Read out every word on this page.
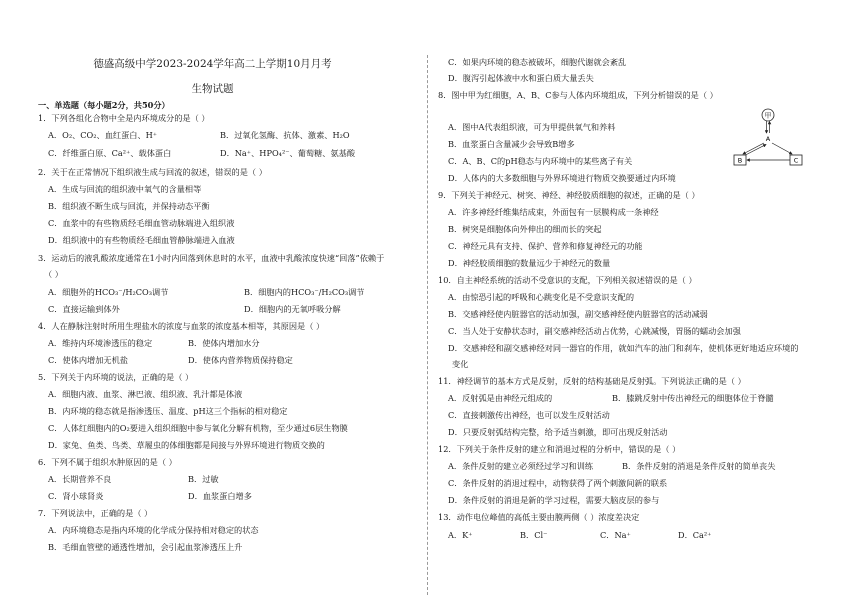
德盛高级中学2023-2024学年高二上学期10月月考
生物试题
一、单选题（每小题2分，共50分）
1．下列各组化合物中全是内环境成分的是（ ）
A．O₂、CO₂、血红蛋白、H⁺	B．过氧化氢酶、抗体、激素、H₂O
C．纤维蛋白原、Ca²⁺、载体蛋白	D．Na⁺、HPO₄²⁻、葡萄糖、氨基酸
2．关于在正常情况下组织液生成与回流的叙述，错误的是（ ）
A．生成与回流的组织液中氧气的含量相等
B．组织液不断生成与回流，并保持动态平衡
C．血浆中的有些物质经毛细血管动脉端进入组织液
D．组织液中的有些物质经毛细血管静脉端进入血液
3．运动后的液乳酸浓度通常在1小时内回落到休息时的水平，血液中乳酸浓度快速“回落”依赖于
（ ）
A．细胞外的HCO₃⁻/H₂CO₃调节	B．细胞内的HCO₃⁻/H₂CO₃调节
C．直接运输到体外	D．细胞内的无氧呼吸分解
4．人在静脉注射时所用生理盐水的浓度与血浆的浓度基本相等，其原因是（ ）
A．维持内环境渗透压的稳定	B．使体内增加水分
C．使体内增加无机盐	D．使体内营养物质保持稳定
5．下列关于内环境的说法，正确的是（ ）
A．细胞内液、血浆、淋巴液、组织液、乳汁都是体液
B．内环境的稳态就是指渗透压、温度、pH这三个指标的相对稳定
C．人体红细胞内的O₂要进入组织细胞中参与氧化分解有机物，至少通过6层生物膜
D．家兔、鱼类、鸟类、草履虫的体细胞都是间接与外界环境进行物质交换的
6．下列不属于组织水肿原因的是（ ）
A．长期营养不良	B．过敏
C．肾小球肾炎	D．血浆蛋白增多
7．下列说法中，正确的是（ ）
A．内环境稳态是指内环境的化学成分保持相对稳定的状态
B．毛细血管壁的通透性增加，会引起血浆渗透压上升
C．如果内环境的稳态被破坏，细胞代谢就会紊乱
D．腹泻引起体液中水和蛋白质大量丢失
8．图中甲为红细胞，A、B、C参与人体内环境组成，下列分析错误的是（ ）
A．图中A代表组织液，可为甲提供氧气和养料
B．血浆蛋白含量减少会导致B增多
C．A、B、C的pH稳态与内环境中的某些离子有关
D．人体内的大多数细胞与外界环境进行物质交换要通过内环境
9．下列关于神经元、树突、神经、神经胶质细胞的叙述，正确的是（ ）
A．许多神经纤维集结成束，外面包有一层膜构成一条神经
B．树突是细胞体向外伸出的细而长的突起
C．神经元具有支持、保护、营养和修复神经元的功能
D．神经胶质细胞的数量远少于神经元的数量
10．自主神经系统的活动不受意识的支配，下列相关叙述错误的是（ ）
A．由惊恐引起的呼吸和心跳变化是不受意识支配的
B．交感神经使内脏器官的活动加强，副交感神经使内脏器官的活动减弱
C．当人处于安静状态时，副交感神经活动占优势，心跳减慢，胃肠的蠕动会加强
D．交感神经和副交感神经对同一器官的作用，就如汽车的油门和刹车，使机体更好地适应环境的
变化
11．神经调节的基本方式是反射，反射的结构基础是反射弧。下列说法正确的是（ ）
A．反射弧是由神经元组成的	B．膝跳反射中传出神经元的细胞体位于脊髓
C．直接刺激传出神经，也可以发生反射活动
D．只要反射弧结构完整，给予适当刺激，即可出现反射活动
12．下列关于条件反射的建立和消退过程的分析中，错误的是（ ）
A．条件反射的建立必须经过学习和训练	B．条件反射的消退是条件反射的简单丧失
C．条件反射的消退过程中，动物获得了两个刺激间新的联系
D．条件反射的消退是新的学习过程，需要大脑皮层的参与
13．动作电位峰值的高低主要由膜两侧（ ）浓度差决定
A．K⁺	B．Cl⁻	C．Na⁺	D．Ca²⁺
甲
A
B	C
